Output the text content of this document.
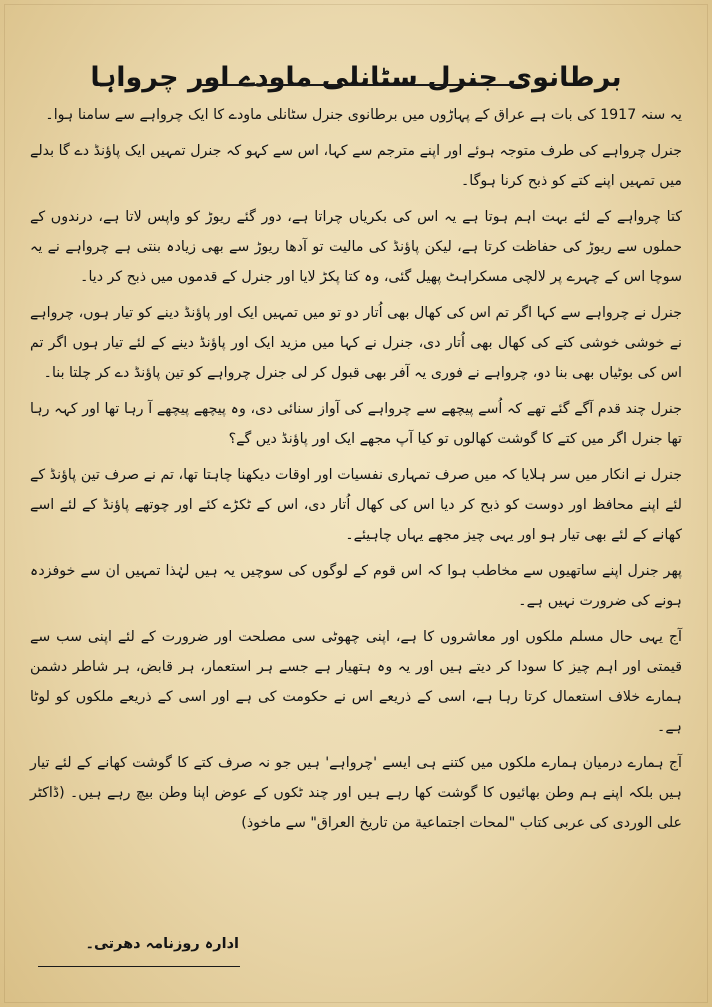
برطانوی جنرل سٹانلی ماودے اور چرواہا

یہ سنہ 1917 کی بات ہے عراق کے پہاڑوں میں برطانوی جنرل سٹانلی ماودے کا ایک چرواہے سے سامنا ہوا۔

جنرل چرواہے کی طرف متوجہ ہوئے اور اپنے مترجم سے کہا، اس سے کہو کہ جنرل تمہیں ایک پاؤنڈ دے گا بدلے میں تمہیں اپنے کتے کو ذبح کرنا ہوگا۔

کتا چرواہے کے لئے بہت اہم ہوتا ہے یہ اس کی بکریاں چراتا ہے، دور گئے ریوڑ کو واپس لاتا ہے، درندوں کے حملوں سے ریوڑ کی حفاظت کرتا ہے، لیکن پاؤنڈ کی مالیت تو آدھا ریوڑ سے بھی زیادہ بنتی ہے چرواہے نے یہ سوچا اس کے چہرے پر لالچی مسکراہٹ پھیل گئی، وہ کتا پکڑ لایا اور جنرل کے قدموں میں ذبح کر دیا۔

جنرل نے چرواہے سے کہا اگر تم اس کی کھال بھی اُتار دو تو میں تمہیں ایک اور پاؤنڈ دینے کو تیار ہوں، چرواہے نے خوشی خوشی کتے کی کھال بھی اُتار دی، جنرل نے کہا میں مزید ایک اور پاؤنڈ دینے کے لئے تیار ہوں اگر تم اس کی بوٹیاں بھی بنا دو، چرواہے نے فوری یہ آفر بھی قبول کر لی جنرل چرواہے کو تین پاؤنڈ دے کر چلتا بنا۔

جنرل چند قدم آگے گئے تھے کہ اُسے پیچھے سے چرواہے کی آواز سنائی دی، وہ پیچھے پیچھے آ رہا تھا اور کہہ رہا تھا جنرل اگر میں کتے کا گوشت کھالوں تو کیا آپ مجھے ایک اور پاؤنڈ دیں گے؟

جنرل نے انکار میں سر ہلایا کہ میں صرف تمہاری نفسیات اور اوقات دیکھنا چاہتا تھا، تم نے صرف تین پاؤنڈ کے لئے اپنے محافظ اور دوست کو ذبح کر دیا اس کی کھال اُتار دی، اس کے ٹکڑے کئے اور چوتھے پاؤنڈ کے لئے اسے کھانے کے لئے بھی تیار ہو اور یہی چیز مجھے یہاں چاہیئے۔

پھر جنرل اپنے ساتھیوں سے مخاطب ہوا کہ اس قوم کے لوگوں کی سوچیں یہ ہیں لہٰذا تمہیں ان سے خوفزدہ ہونے کی ضرورت نہیں ہے۔

آج یہی حال مسلم ملکوں اور معاشروں کا ہے، اپنی چھوٹی سی مصلحت اور ضرورت کے لئے اپنی سب سے قیمتی اور اہم چیز کا سودا کر دیتے ہیں اور یہ وہ ہتھیار ہے جسے ہر استعمار، ہر قابض، ہر شاطر دشمن ہمارے خلاف استعمال کرتا رہا ہے، اسی کے ذریعے اس نے حکومت کی ہے اور اسی کے ذریعے ملکوں کو لوٹا ہے۔

آج ہمارے درمیان ہمارے ملکوں میں کتنے ہی ایسے 'چرواہے' ہیں جو نہ صرف کتے کا گوشت کھانے کے لئے تیار ہیں بلکہ اپنے ہم وطن بھائیوں کا گوشت کھا رہے ہیں اور چند ٹکوں کے عوض اپنا وطن بیچ رہے ہیں۔ (ڈاکٹر علی الوردی کی عربی کتاب "لمحات اجتماعیة من تاریخ العراق" سے ماخوذ)

ادارہ روزنامہ دھرتی۔
